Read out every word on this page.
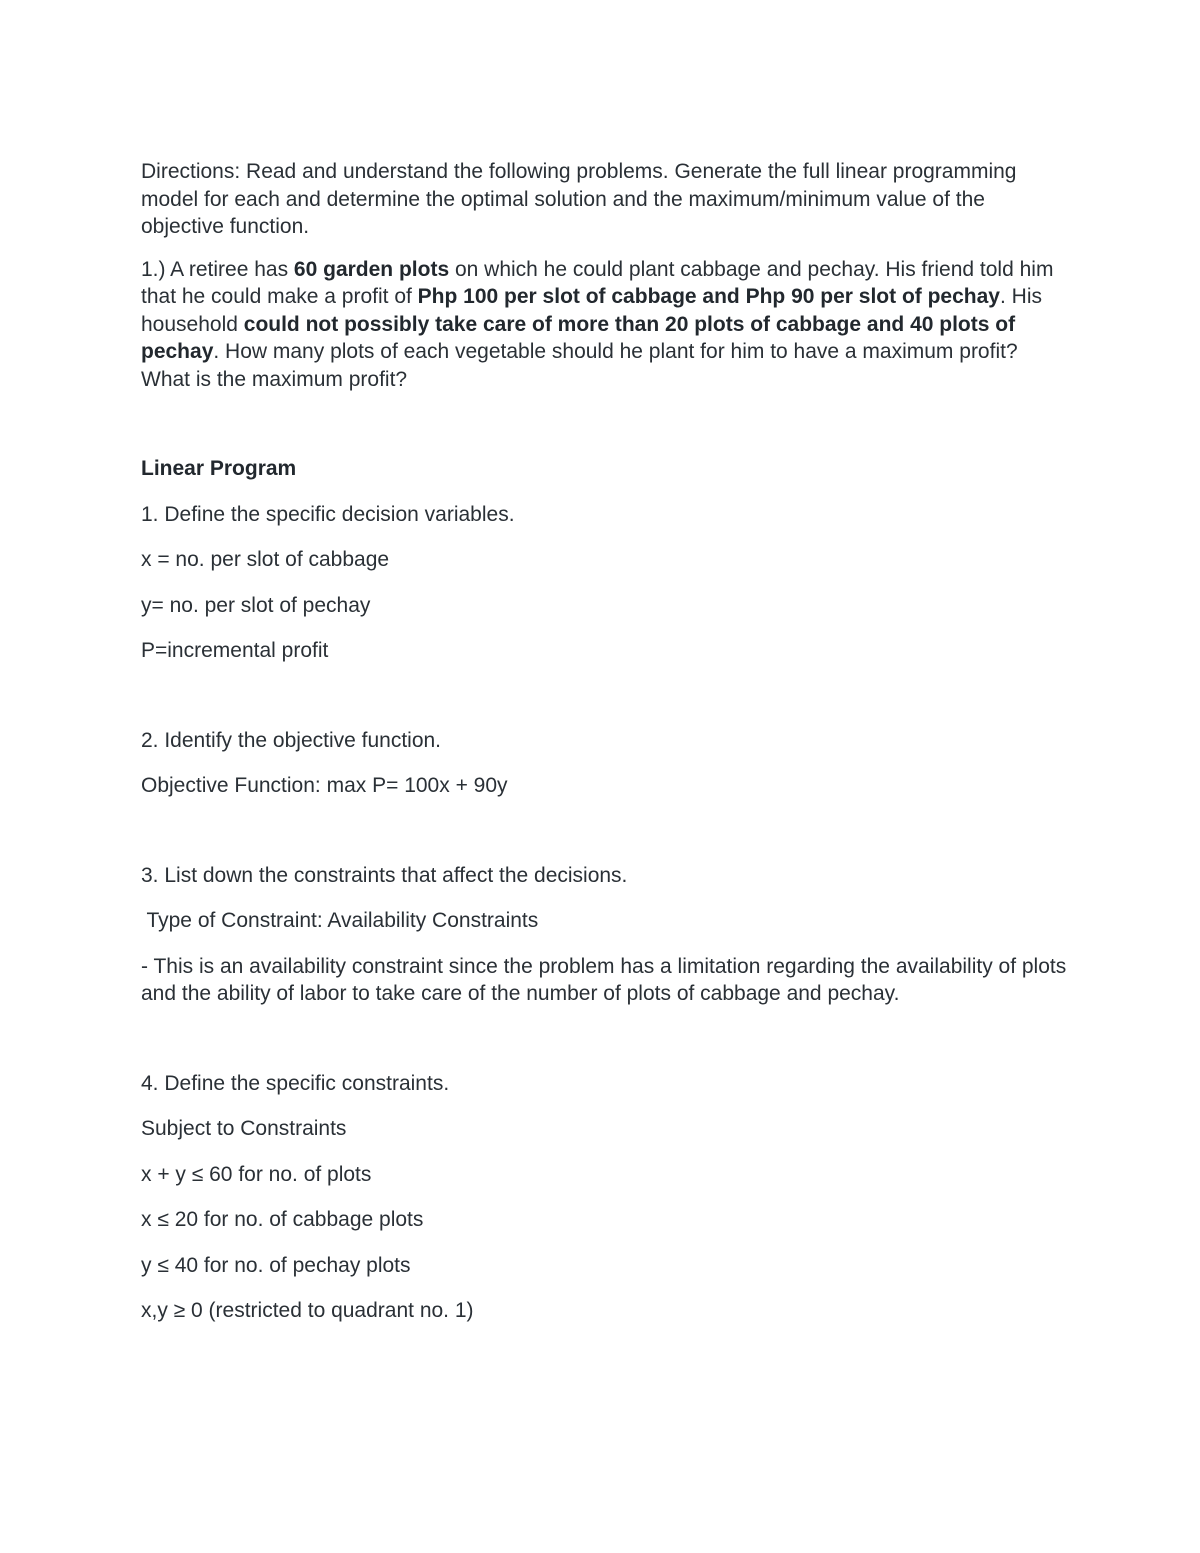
Directions: Read and understand the following problems. Generate the full linear programming model for each and determine the optimal solution and the maximum/minimum value of the objective function.

1.) A retiree has 60 garden plots on which he could plant cabbage and pechay. His friend told him that he could make a profit of Php 100 per slot of cabbage and Php 90 per slot of pechay. His household could not possibly take care of more than 20 plots of cabbage and 40 plots of pechay. How many plots of each vegetable should he plant for him to have a maximum profit? What is the maximum profit?

Linear Program

1. Define the specific decision variables.

x = no. per slot of cabbage

y= no. per slot of pechay

P=incremental profit

2. Identify the objective function.

Objective Function: max P= 100x + 90y

3. List down the constraints that affect the decisions.

Type of Constraint: Availability Constraints

- This is an availability constraint since the problem has a limitation regarding the availability of plots and the ability of labor to take care of the number of plots of cabbage and pechay.

4. Define the specific constraints.

Subject to Constraints

x + y ≤ 60 for no. of plots

x ≤ 20 for no. of cabbage plots

y ≤ 40 for no. of pechay plots

x,y ≥ 0 (restricted to quadrant no. 1)
